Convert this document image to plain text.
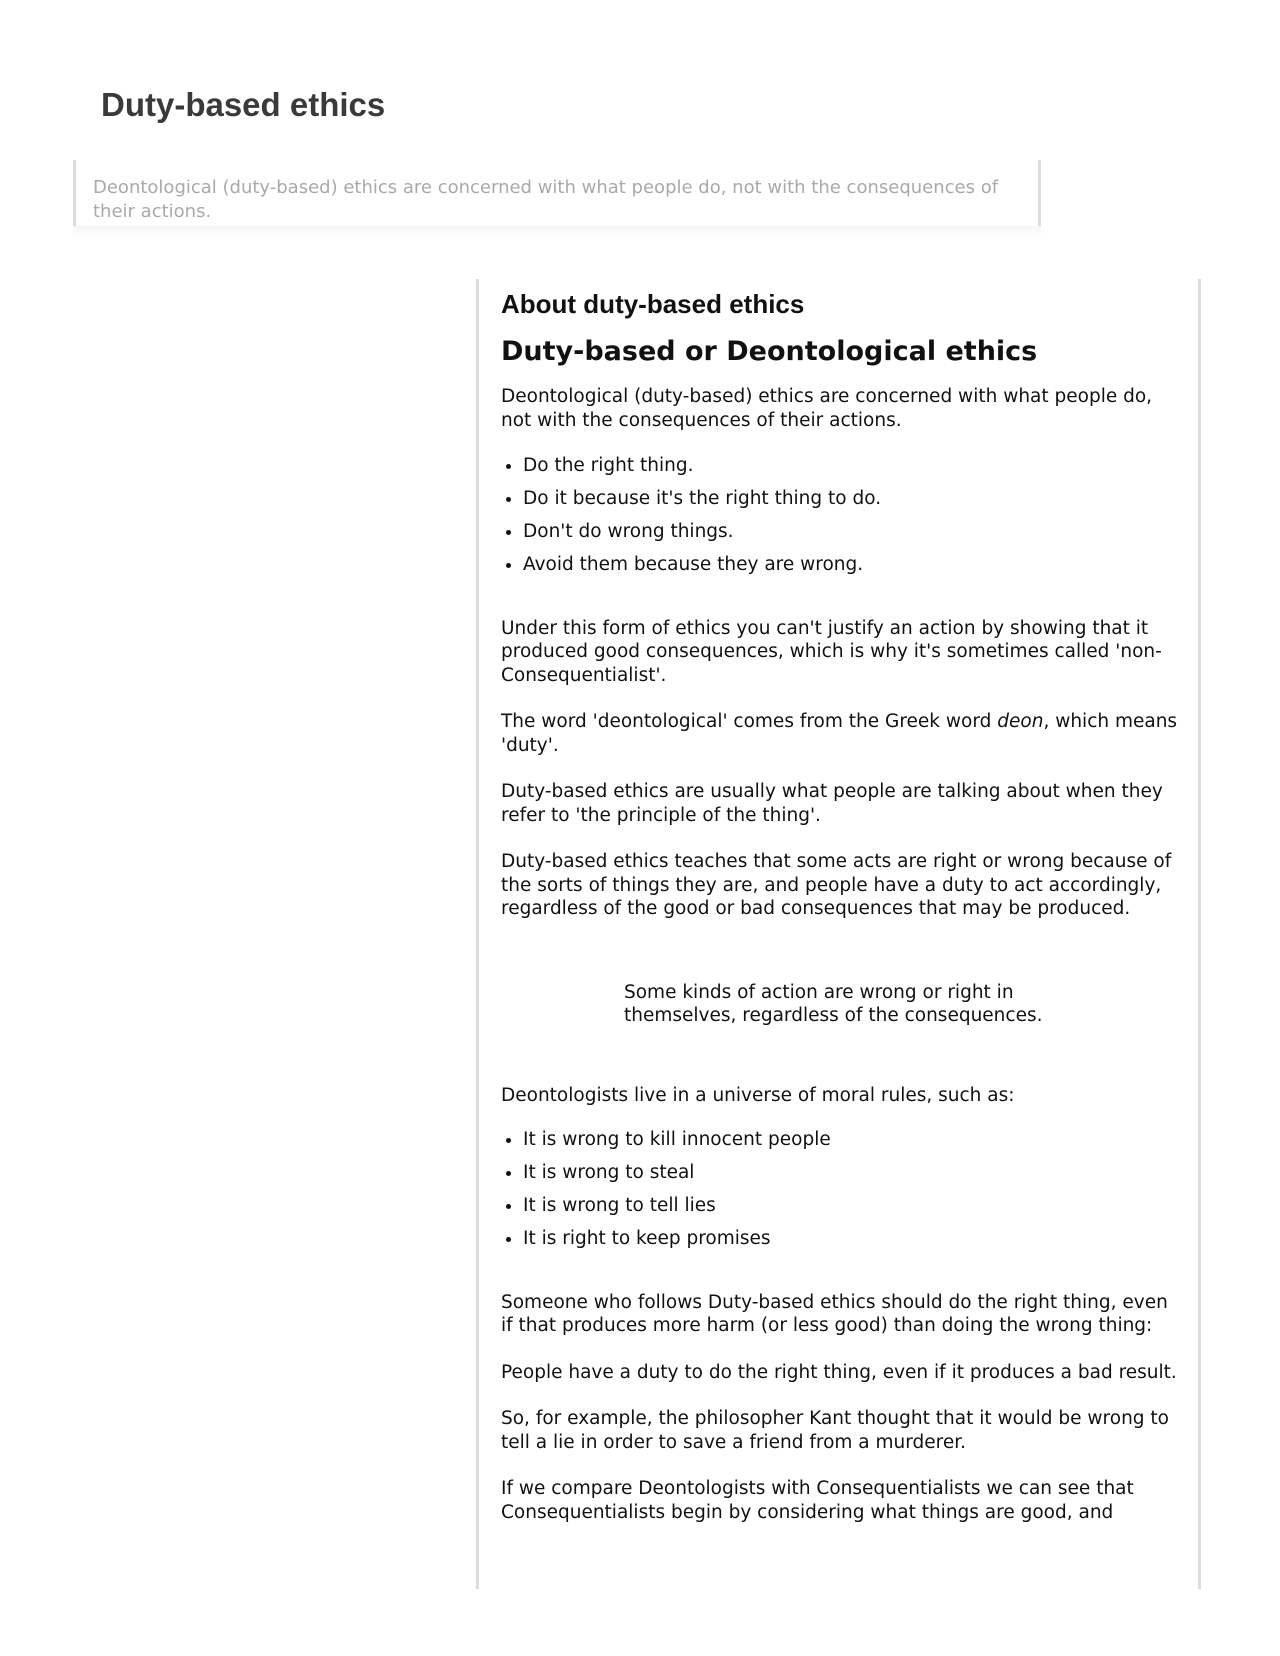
Duty-based ethics

Deontological (duty-based) ethics are concerned with what people do, not with the consequences of their actions.

About duty-based ethics
Duty-based or Deontological ethics

Deontological (duty-based) ethics are concerned with what people do, not with the consequences of their actions.

• Do the right thing.
• Do it because it's the right thing to do.
• Don't do wrong things.
• Avoid them because they are wrong.

Under this form of ethics you can't justify an action by showing that it produced good consequences, which is why it's sometimes called 'non-Consequentialist'.

The word 'deontological' comes from the Greek word deon, which means 'duty'.

Duty-based ethics are usually what people are talking about when they refer to 'the principle of the thing'.

Duty-based ethics teaches that some acts are right or wrong because of the sorts of things they are, and people have a duty to act accordingly, regardless of the good or bad consequences that may be produced.

Some kinds of action are wrong or right in themselves, regardless of the consequences.

Deontologists live in a universe of moral rules, such as:

• It is wrong to kill innocent people
• It is wrong to steal
• It is wrong to tell lies
• It is right to keep promises

Someone who follows Duty-based ethics should do the right thing, even if that produces more harm (or less good) than doing the wrong thing:

People have a duty to do the right thing, even if it produces a bad result.

So, for example, the philosopher Kant thought that it would be wrong to tell a lie in order to save a friend from a murderer.

If we compare Deontologists with Consequentialists we can see that Consequentialists begin by considering what things are good, and
